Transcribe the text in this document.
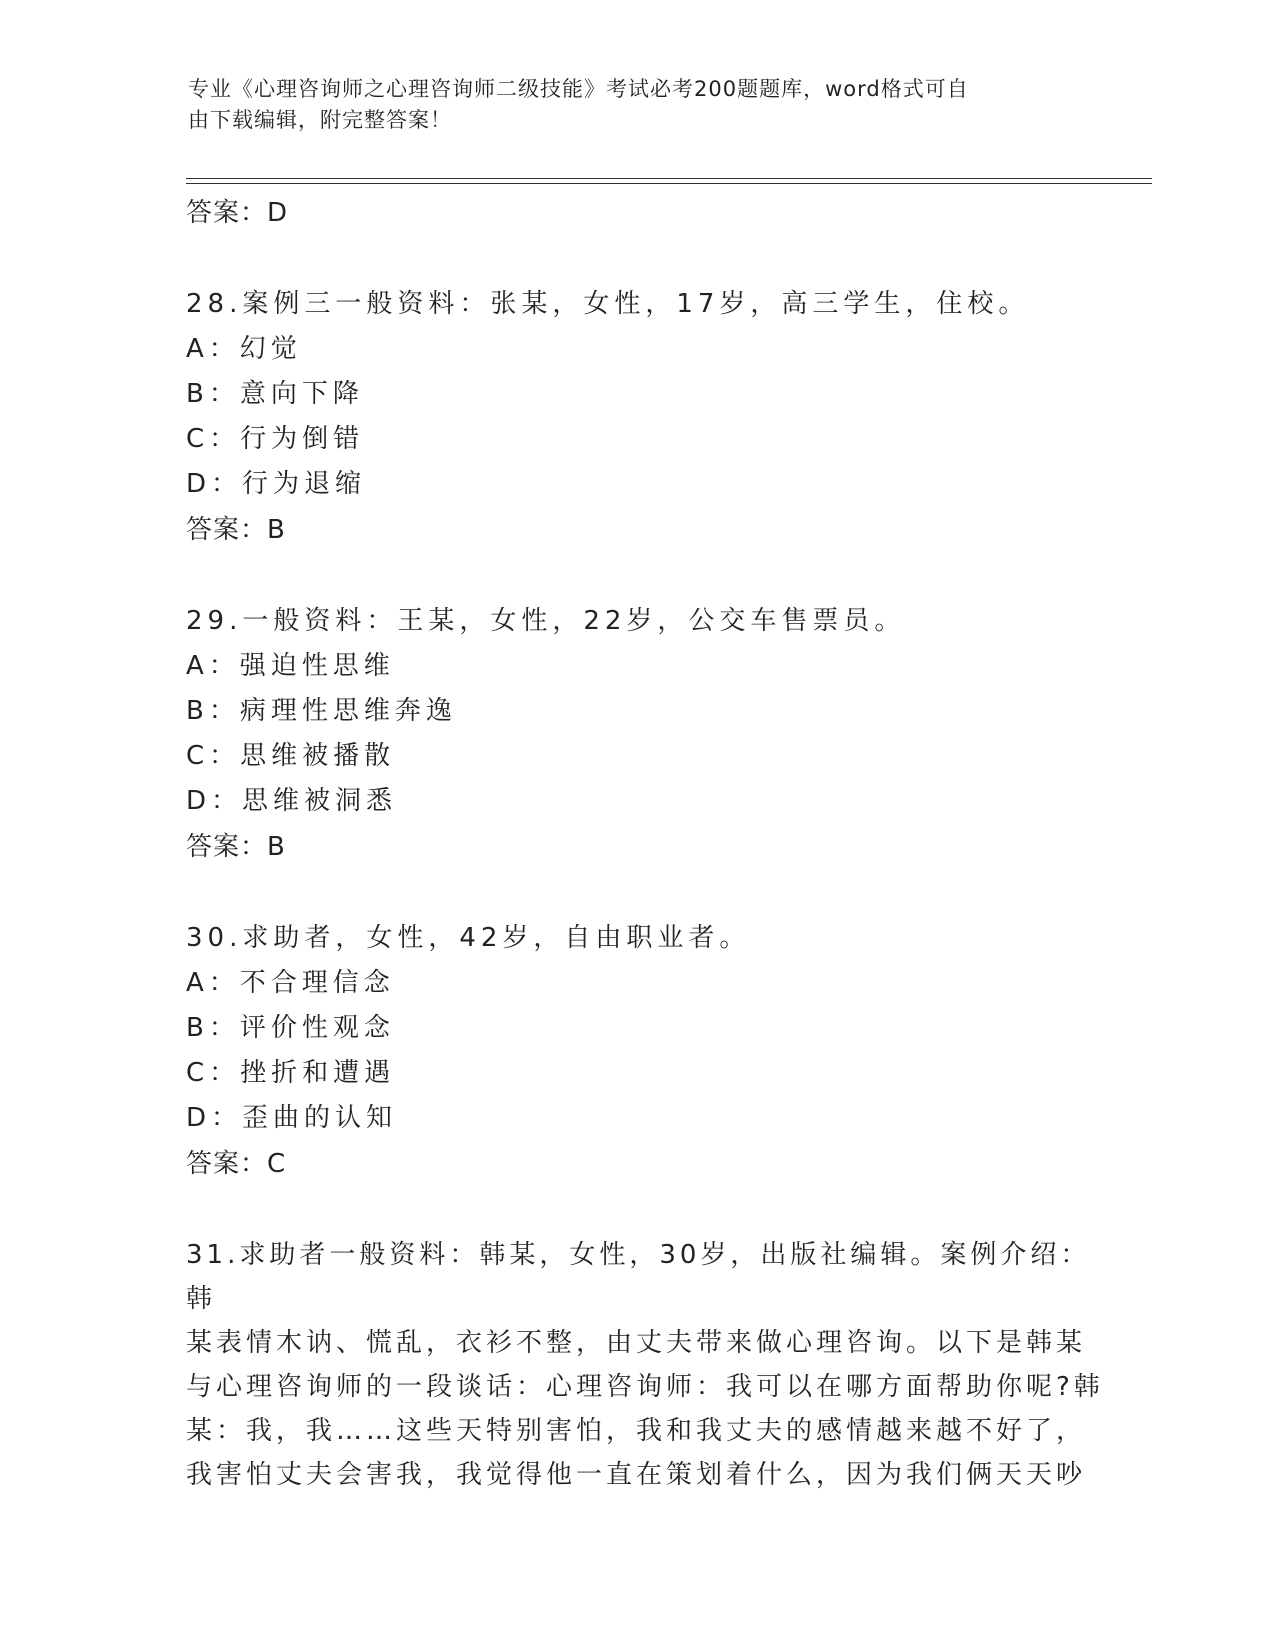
专业《心理咨询师之心理咨询师二级技能》考试必考200题题库，word格式可自
由下载编辑，附完整答案！
答案：D
28.案例三一般资料：张某，女性，17岁，高三学生，住校。
A：幻觉
B：意向下降
C：行为倒错
D：行为退缩
答案：B
29.一般资料：王某，女性，22岁，公交车售票员。
A：强迫性思维
B：病理性思维奔逸
C：思维被播散
D：思维被洞悉
答案：B
30.求助者，女性，42岁，自由职业者。
A：不合理信念
B：评价性观念
C：挫折和遭遇
D：歪曲的认知
答案：C
31.求助者一般资料：韩某，女性，30岁，出版社编辑。案例介绍：韩
某表情木讷、慌乱，衣衫不整，由丈夫带来做心理咨询。以下是韩某
与心理咨询师的一段谈话：心理咨询师：我可以在哪方面帮助你呢?韩
某：我，我……这些天特别害怕，我和我丈夫的感情越来越不好了，
我害怕丈夫会害我，我觉得他一直在策划着什么，因为我们俩天天吵
